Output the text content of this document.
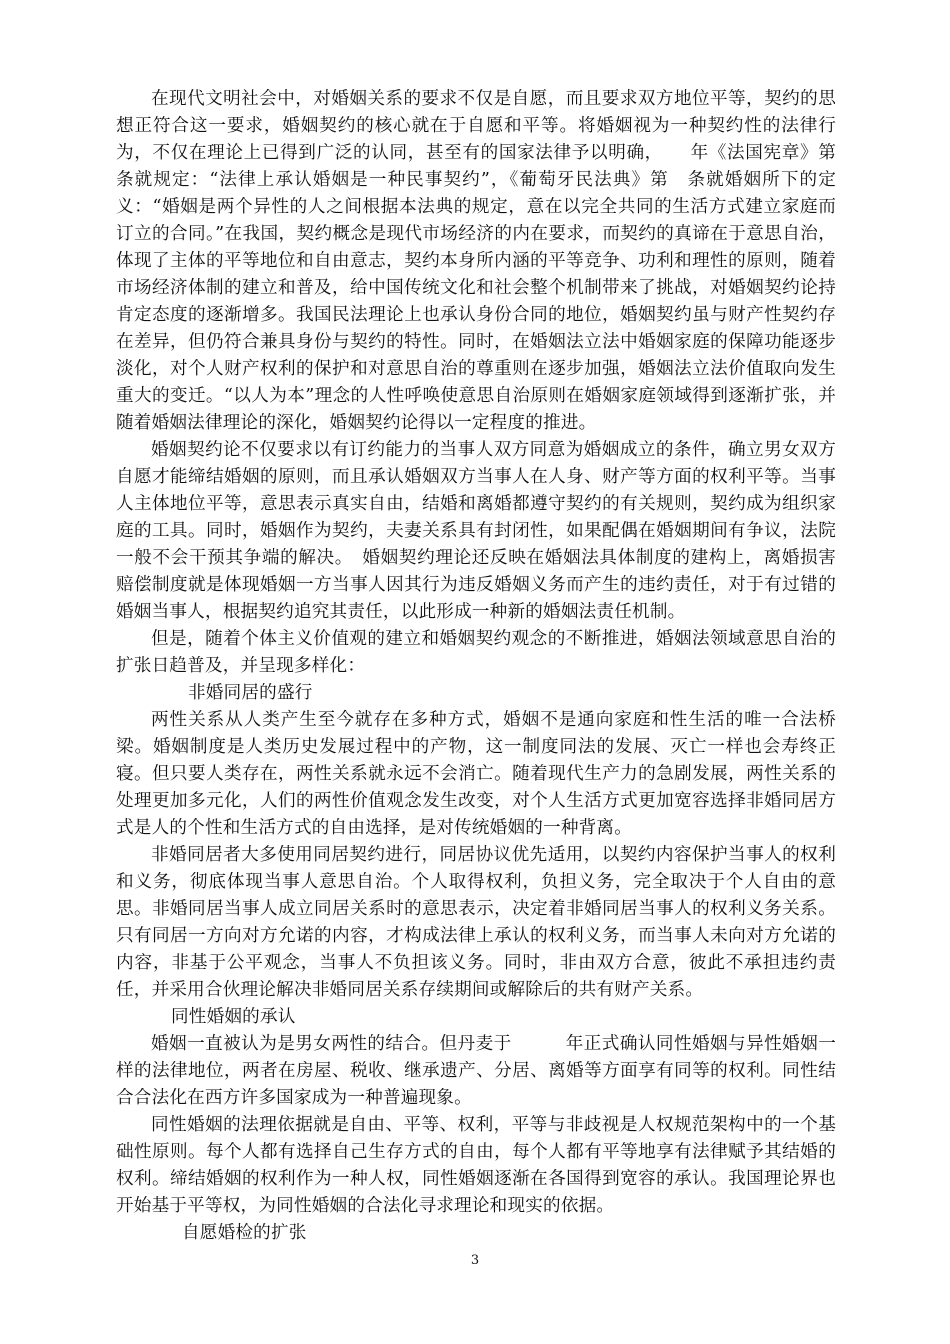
在现代文明社会中，对婚姻关系的要求不仅是自愿，而且要求双方地位平等，契约的思想正符合这一要求，婚姻契约的核心就在于自愿和平等。将婚姻视为一种契约性的法律行为，不仅在理论上已得到广泛的认同，甚至有的国家法律予以明确，　　年《法国宪章》第　条就规定：“法律上承认婚姻是一种民事契约”，《葡萄牙民法典》第　条就婚姻所下的定义：“婚姻是两个异性的人之间根据本法典的规定，意在以完全共同的生活方式建立家庭而订立的合同。”在我国，契约概念是现代市场经济的内在要求，而契约的真谛在于意思自治，体现了主体的平等地位和自由意志，契约本身所内涵的平等竞争、功利和理性的原则，随着市场经济体制的建立和普及，给中国传统文化和社会整个机制带来了挑战，对婚姻契约论持肯定态度的逐渐增多。我国民法理论上也承认身份合同的地位，婚姻契约虽与财产性契约存在差异，但仍符合兼具身份与契约的特性。同时，在婚姻法立法中婚姻家庭的保障功能逐步淡化，对个人财产权利的保护和对意思自治的尊重则在逐步加强，婚姻法立法价值取向发生重大的变迁。“以人为本”理念的人性呼唤使意思自治原则在婚姻家庭领域得到逐渐扩张，并随着婚姻法律理论的深化，婚姻契约论得以一定程度的推进。

婚姻契约论不仅要求以有订约能力的当事人双方同意为婚姻成立的条件，确立男女双方自愿才能缔结婚姻的原则，而且承认婚姻双方当事人在人身、财产等方面的权利平等。当事人主体地位平等，意思表示真实自由，结婚和离婚都遵守契约的有关规则，契约成为组织家庭的工具。同时，婚姻作为契约，夫妻关系具有封闭性，如果配偶在婚姻期间有争议，法院一般不会干预其争端的解决。　婚姻契约理论还反映在婚姻法具体制度的建构上，离婚损害赔偿制度就是体现婚姻一方当事人因其行为违反婚姻义务而产生的违约责任，对于有过错的婚姻当事人，根据契约追究其责任，以此形成一种新的婚姻法责任机制。

但是，随着个体主义价值观的建立和婚姻契约观念的不断推进，婚姻法领域意思自治的扩张日趋普及，并呈现多样化：

非婚同居的盛行

两性关系从人类产生至今就存在多种方式，婚姻不是通向家庭和性生活的唯一合法桥梁。婚姻制度是人类历史发展过程中的产物，这一制度同法的发展、灭亡一样也会寿终正寝。但只要人类存在，两性关系就永远不会消亡。随着现代生产力的急剧发展，两性关系的处理更加多元化，人们的两性价值观念发生改变，对个人生活方式更加宽容选择非婚同居方式是人的个性和生活方式的自由选择，是对传统婚姻的一种背离。

非婚同居者大多使用同居契约进行，同居协议优先适用，以契约内容保护当事人的权利和义务，彻底体现当事人意思自治。个人取得权利，负担义务，完全取决于个人自由的意思。非婚同居当事人成立同居关系时的意思表示，决定着非婚同居当事人的权利义务关系。只有同居一方向对方允诺的内容，才构成法律上承认的权利义务，而当事人未向对方允诺的内容，非基于公平观念，当事人不负担该义务。同时，非由双方合意，彼此不承担违约责任，并采用合伙理论解决非婚同居关系存续期间或解除后的共有财产关系。

同性婚姻的承认

婚姻一直被认为是男女两性的结合。但丹麦于　　　年正式确认同性婚姻与异性婚姻一样的法律地位，两者在房屋、税收、继承遗产、分居、离婚等方面享有同等的权利。同性结合合法化在西方许多国家成为一种普遍现象。

同性婚姻的法理依据就是自由、平等、权利，平等与非歧视是人权规范架构中的一个基础性原则。每个人都有选择自己生存方式的自由，每个人都有平等地享有法律赋予其结婚的权利。缔结婚姻的权利作为一种人权，同性婚姻逐渐在各国得到宽容的承认。我国理论界也开始基于平等权，为同性婚姻的合法化寻求理论和现实的依据。

自愿婚检的扩张

3
